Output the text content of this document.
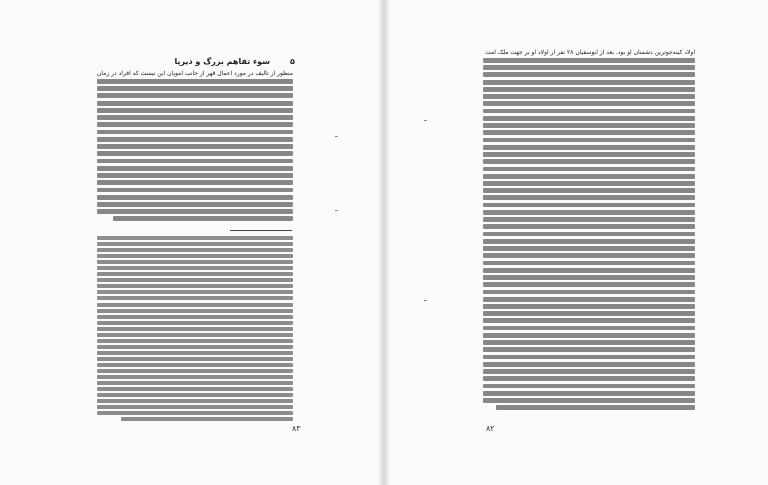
۵
سوء تفاهم بزرگ و دیرپا
منظور از تألیف در مورد اعمال قهر از جانب امویان این نیست که افراد در زمان
۸۳
اولاد کینه‌جو‌ترین دشمنان او بود. بعد از ابوسفیان ۲۸ نفر از اولاد او بر جهت ملک امت
۸۲
